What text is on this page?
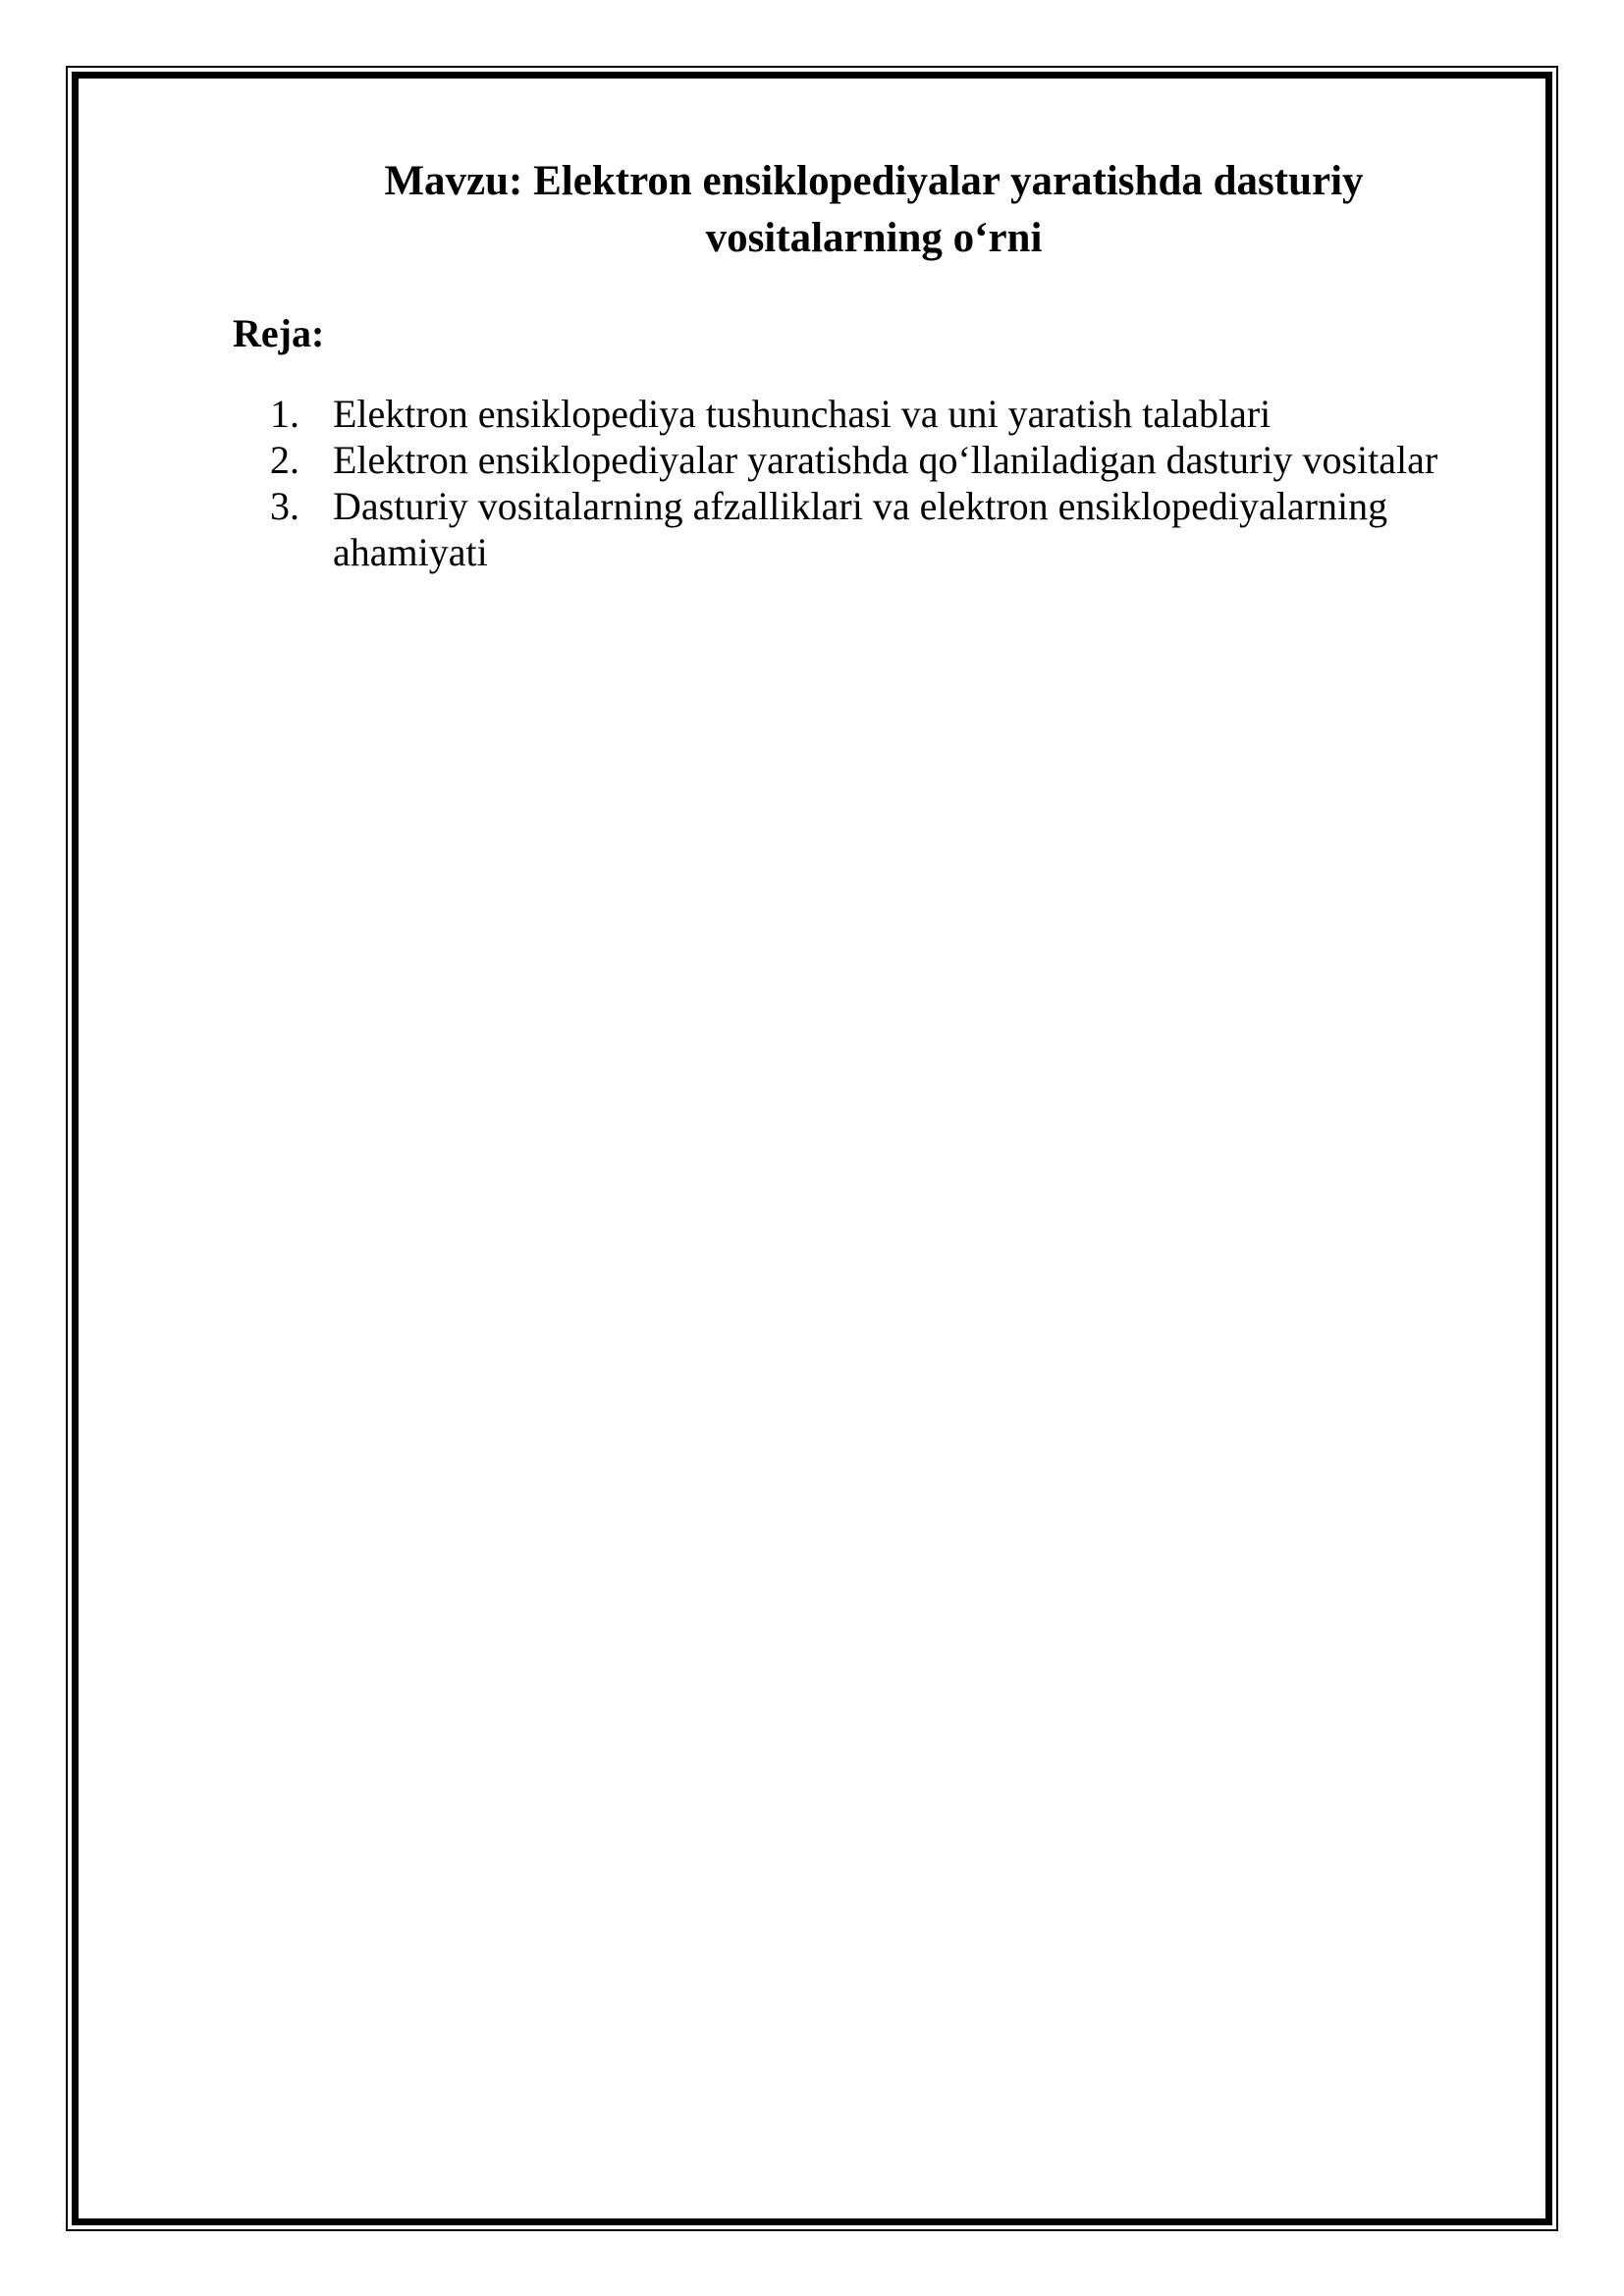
Mavzu: Elektron ensiklopediyalar yaratishda dasturiy vositalarning o‘rni

Reja:

1. Elektron ensiklopediya tushunchasi va uni yaratish talablari
2. Elektron ensiklopediyalar yaratishda qo‘llaniladigan dasturiy vositalar
3. Dasturiy vositalarning afzalliklari va elektron ensiklopediyalarning ahamiyati
